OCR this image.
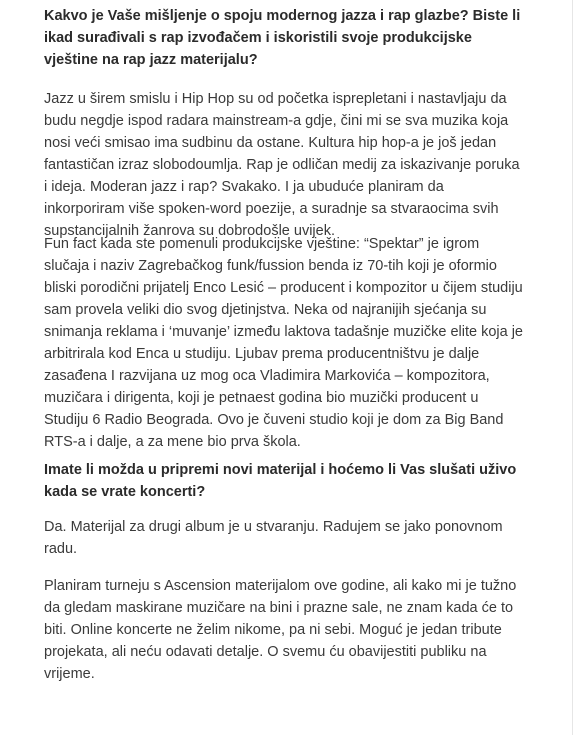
Kakvo je Vaše mišljenje o spoju modernog jazza i rap glazbe? Biste li ikad surađivali s rap izvođačem i iskoristili svoje produkcijske vještine na rap jazz materijalu?

Jazz u širem smislu i Hip Hop su od početka isprepletani i nastavljaju da budu negdje ispod radara mainstream-a gdje, čini mi se sva muzika koja nosi veći smisao ima sudbinu da ostane. Kultura hip hop-a je još jedan fantastičan izraz slobodoumlja. Rap je odličan medij za iskazivanje poruka i ideja. Moderan jazz i rap? Svakako. I ja ubuduće planiram da inkorporiram više spoken-word poezije, a suradnje sa stvaraocima svih supstancijalnih žanrova su dobrodošle uvijek.

Fun fact kada ste pomenuli produkcijske vještine: “Spektar” je igrom slučaja i naziv Zagrebačkog funk/fussion benda iz 70-tih koji je oformio bliski porodični prijatelj Enco Lesić – producent i kompozitor u čijem studiju sam provela veliki dio svog djetinjstva. Neka od najranijih sjećanja su snimanja reklama i ‘muvanje’ između laktova tadašnje muzičke elite koja je arbitrirala kod Enca u studiju. Ljubav prema producentništvu je dalje zasađena I razvijana uz mog oca Vladimira Markovića – kompozitora, muzičara i dirigenta, koji je petnaest godina bio muzički producent u Studiju 6 Radio Beograda. Ovo je čuveni studio koji je dom za Big Band RTS-a i dalje, a za mene bio prva škola.

Imate li možda u pripremi novi materijal i hoćemo li Vas slušati uživo kada se vrate koncerti?

Da. Materijal za drugi album je u stvaranju. Radujem se jako ponovnom radu.

Planiram turneju s Ascension materijalom ove godine, ali kako mi je tužno da gledam maskirane muzičare na bini i prazne sale, ne znam kada će to biti. Online koncerte ne želim nikome, pa ni sebi. Moguć je jedan tribute projekata, ali neću odavati detalje. O svemu ću obavijestiti publiku na vrijeme.
